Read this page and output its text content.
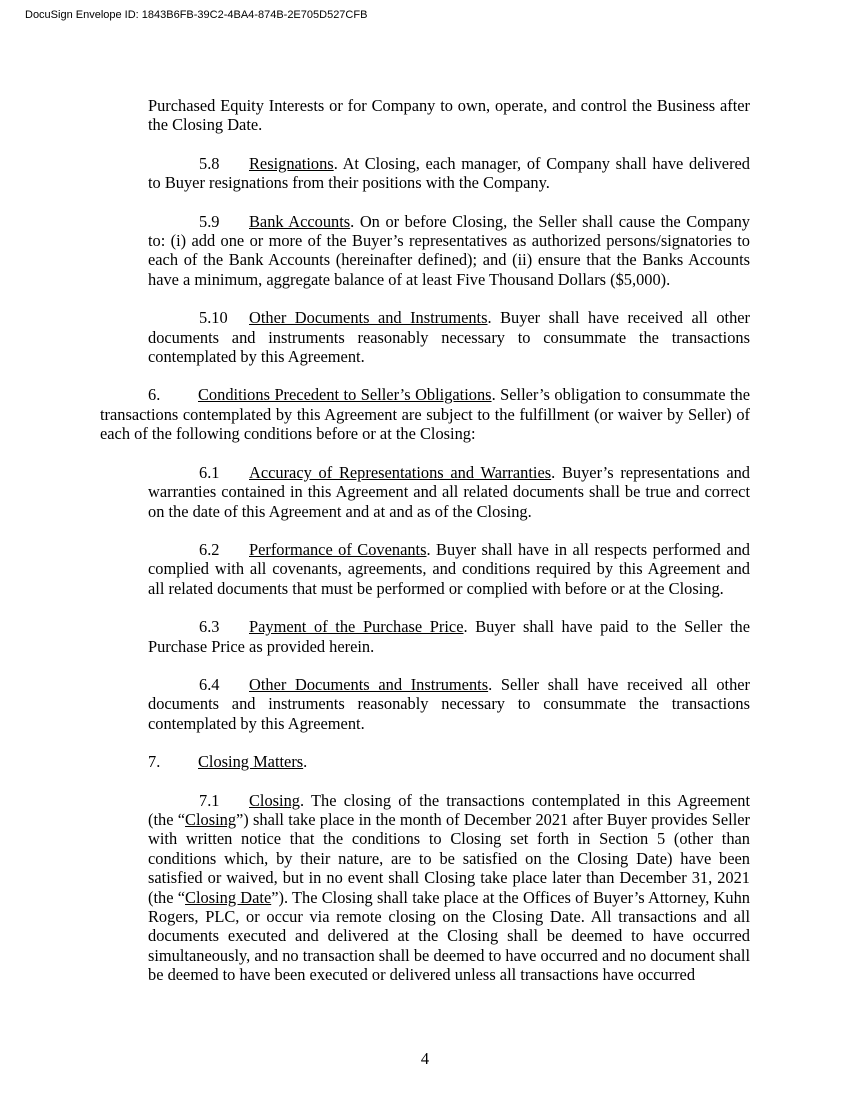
DocuSign Envelope ID: 1843B6FB-39C2-4BA4-874B-2E705D527CFB

Purchased Equity Interests or for Company to own, operate, and control the Business after the Closing Date.

5.8 Resignations. At Closing, each manager, of Company shall have delivered to Buyer resignations from their positions with the Company.

5.9 Bank Accounts. On or before Closing, the Seller shall cause the Company to: (i) add one or more of the Buyer’s representatives as authorized persons/signatories to each of the Bank Accounts (hereinafter defined); and (ii) ensure that the Banks Accounts have a minimum, aggregate balance of at least Five Thousand Dollars ($5,000).

5.10 Other Documents and Instruments. Buyer shall have received all other documents and instruments reasonably necessary to consummate the transactions contemplated by this Agreement.

6. Conditions Precedent to Seller’s Obligations. Seller’s obligation to consummate the transactions contemplated by this Agreement are subject to the fulfillment (or waiver by Seller) of each of the following conditions before or at the Closing:

6.1 Accuracy of Representations and Warranties. Buyer’s representations and warranties contained in this Agreement and all related documents shall be true and correct on the date of this Agreement and at and as of the Closing.

6.2 Performance of Covenants. Buyer shall have in all respects performed and complied with all covenants, agreements, and conditions required by this Agreement and all related documents that must be performed or complied with before or at the Closing.

6.3 Payment of the Purchase Price. Buyer shall have paid to the Seller the Purchase Price as provided herein.

6.4 Other Documents and Instruments. Seller shall have received all other documents and instruments reasonably necessary to consummate the transactions contemplated by this Agreement.

7. Closing Matters.

7.1 Closing. The closing of the transactions contemplated in this Agreement (the “Closing”) shall take place in the month of December 2021 after Buyer provides Seller with written notice that the conditions to Closing set forth in Section 5 (other than conditions which, by their nature, are to be satisfied on the Closing Date) have been satisfied or waived, but in no event shall Closing take place later than December 31, 2021 (the “Closing Date”). The Closing shall take place at the Offices of Buyer’s Attorney, Kuhn Rogers, PLC, or occur via remote closing on the Closing Date. All transactions and all documents executed and delivered at the Closing shall be deemed to have occurred simultaneously, and no transaction shall be deemed to have occurred and no document shall be deemed to have been executed or delivered unless all transactions have occurred

4
